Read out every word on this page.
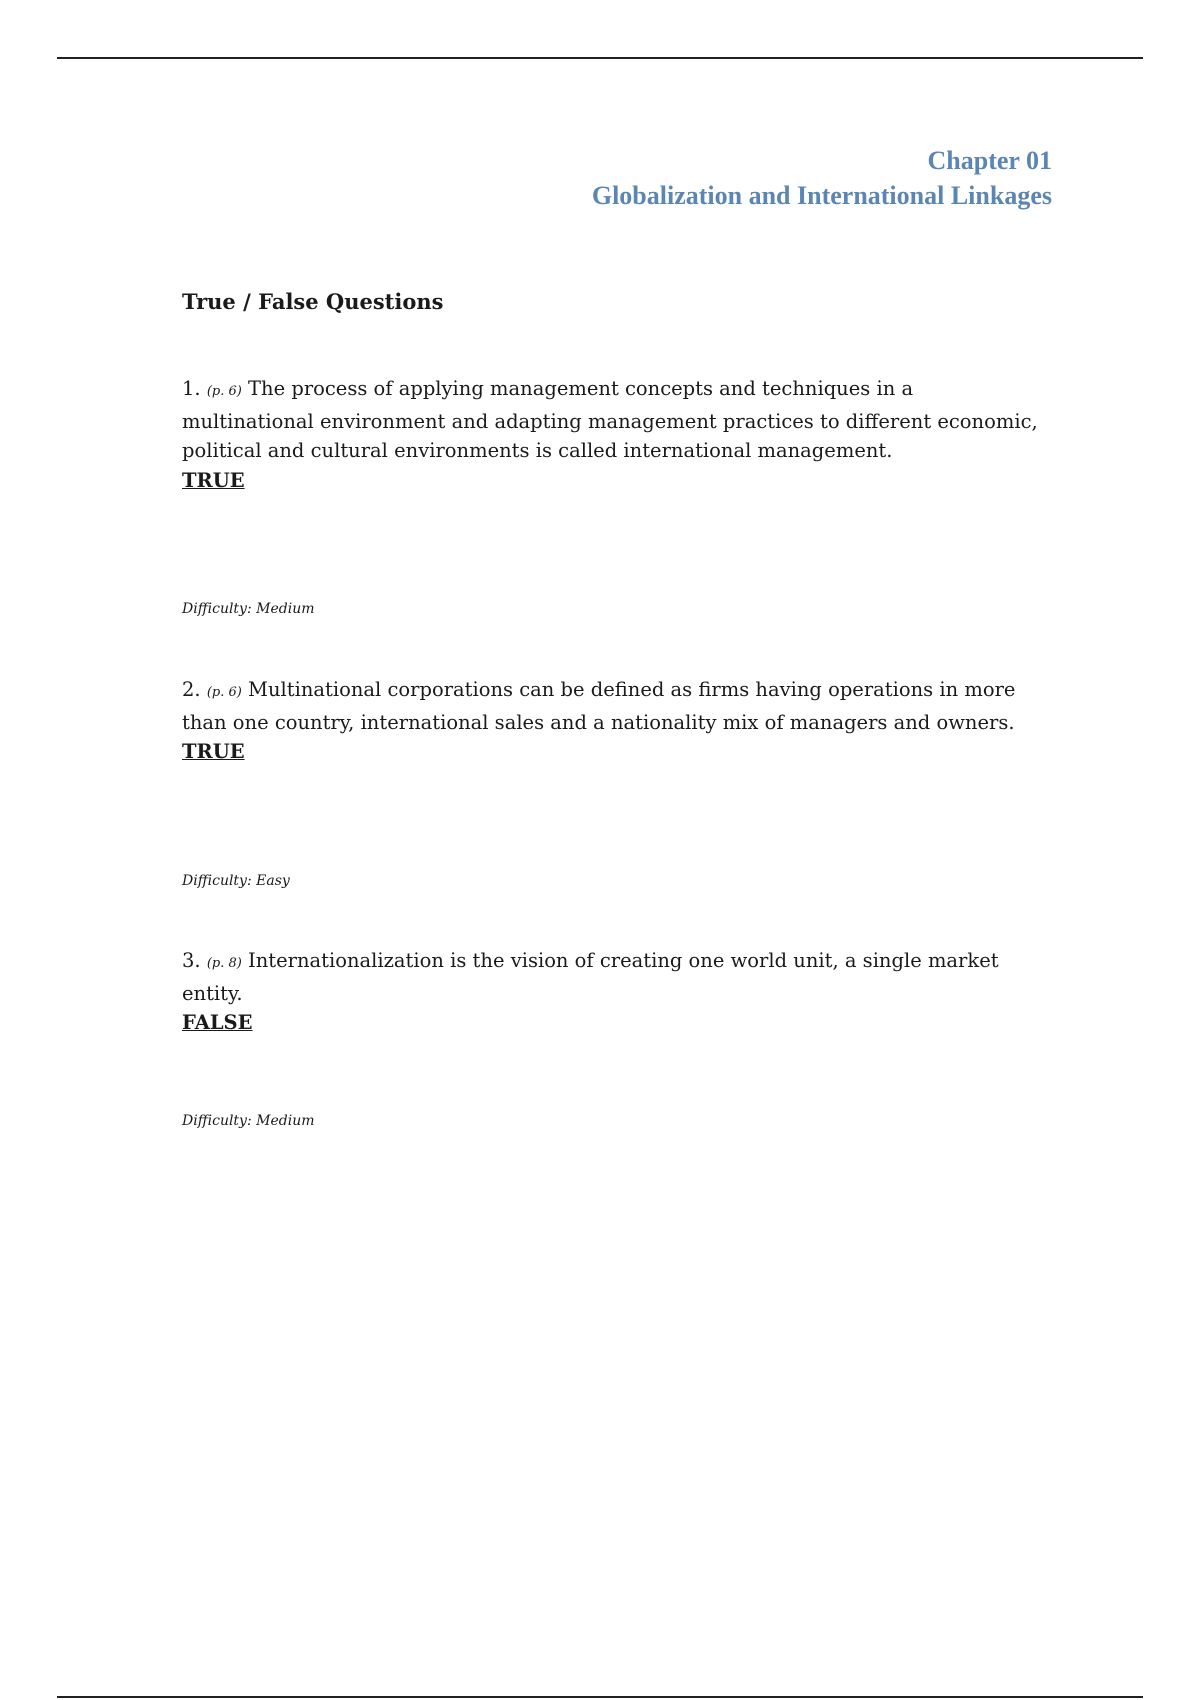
Chapter 01
Globalization and International Linkages
True / False Questions
1. (p. 6) The process of applying management concepts and techniques in a multinational environment and adapting management practices to different economic, political and cultural environments is called international management.
TRUE
Difficulty: Medium
2. (p. 6) Multinational corporations can be defined as firms having operations in more than one country, international sales and a nationality mix of managers and owners.
TRUE
Difficulty: Easy
3. (p. 8) Internationalization is the vision of creating one world unit, a single market entity.
FALSE
Difficulty: Medium
